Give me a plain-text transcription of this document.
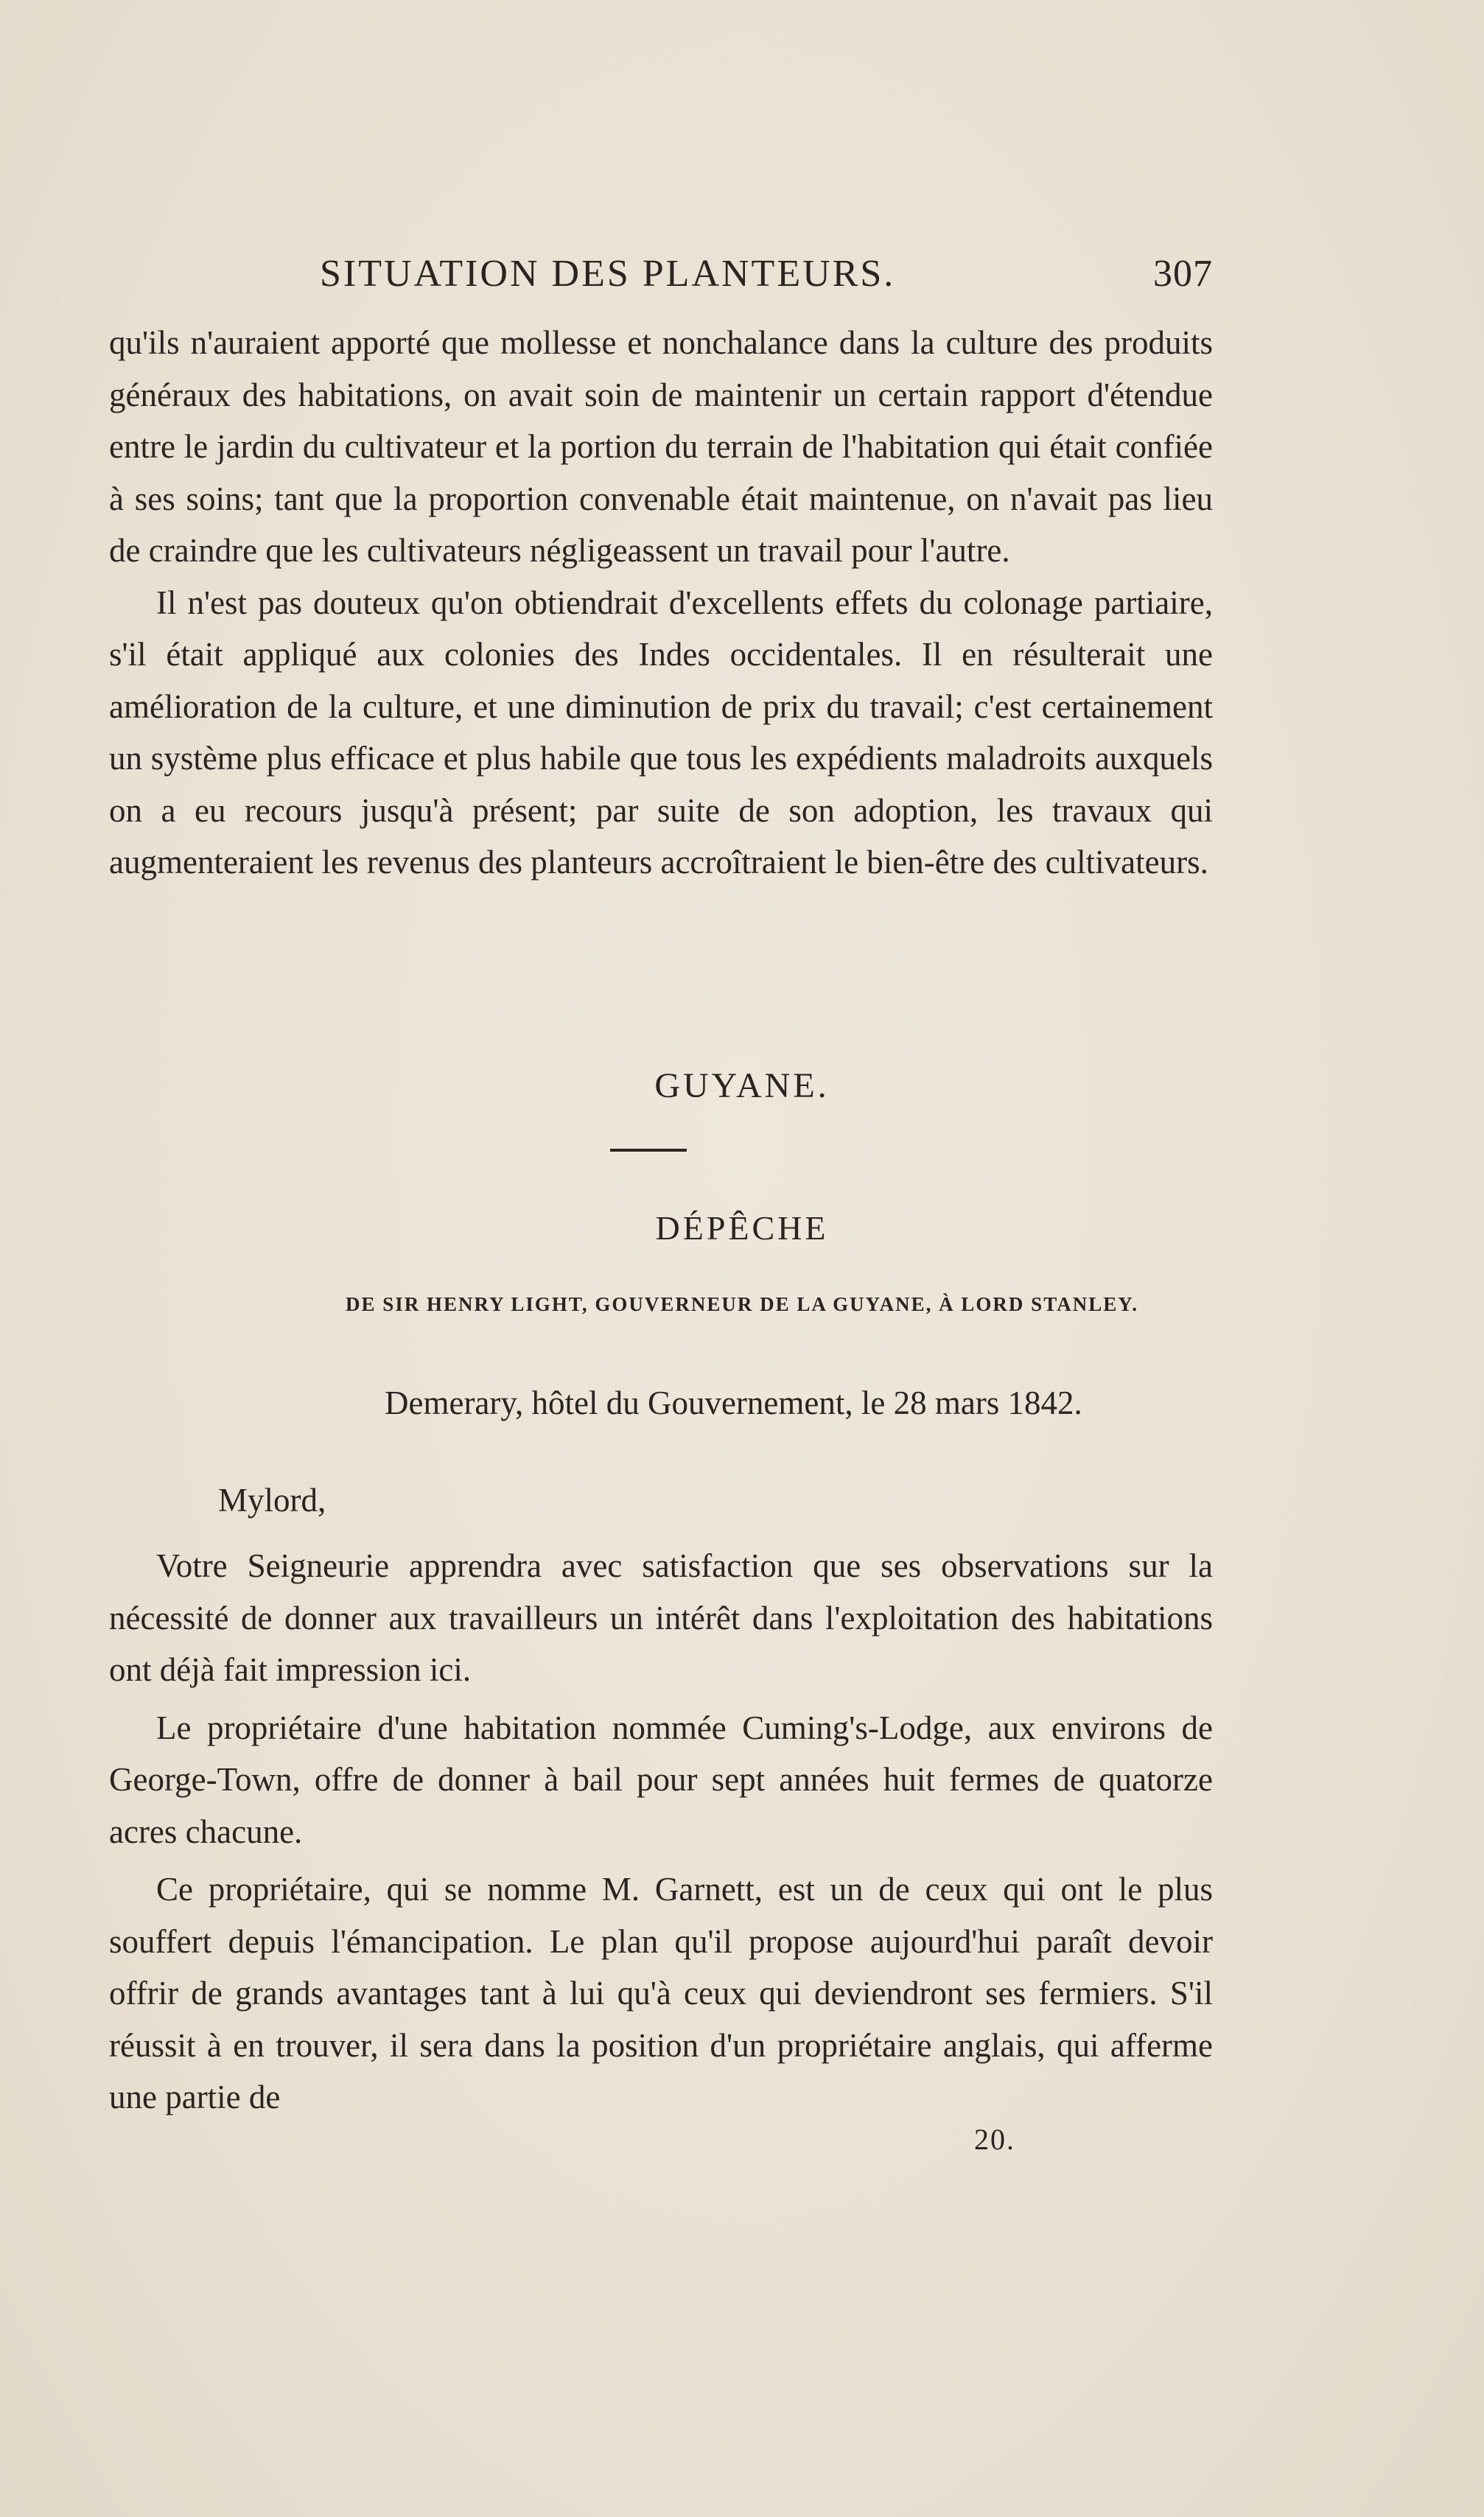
SITUATION DES PLANTEURS.	307

qu'ils n'auraient apporté que mollesse et nonchalance dans la culture des produits généraux des habitations, on avait soin de maintenir un certain rapport d'étendue entre le jardin du cultivateur et la portion du terrain de l'habitation qui était confiée à ses soins; tant que la proportion convenable était maintenue, on n'avait pas lieu de craindre que les cultivateurs négligeassent un travail pour l'autre.

Il n'est pas douteux qu'on obtiendrait d'excellents effets du colonage partiaire, s'il était appliqué aux colonies des Indes occidentales. Il en résulterait une amélioration de la culture, et une diminution de prix du travail; c'est certainement un système plus efficace et plus habile que tous les expédients maladroits auxquels on a eu recours jusqu'à présent; par suite de son adoption, les travaux qui augmenteraient les revenus des planteurs accroîtraient le bien-être des cultivateurs.

GUYANE.
DÉPÊCHE
DE SIR HENRY LIGHT, GOUVERNEUR DE LA GUYANE, À LORD STANLEY.
Demerary, hôtel du Gouvernement, le 28 mars 1842.
Mylord,

Votre Seigneurie apprendra avec satisfaction que ses observations sur la nécessité de donner aux travailleurs un intérêt dans l'exploitation des habitations ont déjà fait impression ici.

Le propriétaire d'une habitation nommée Cuming's-Lodge, aux environs de George-Town, offre de donner à bail pour sept années huit fermes de quatorze acres chacune.

Ce propriétaire, qui se nomme M. Garnett, est un de ceux qui ont le plus souffert depuis l'émancipation. Le plan qu'il propose aujourd'hui paraît devoir offrir de grands avantages tant à lui qu'à ceux qui deviendront ses fermiers. S'il réussit à en trouver, il sera dans la position d'un propriétaire anglais, qui afferme une partie de

20.
